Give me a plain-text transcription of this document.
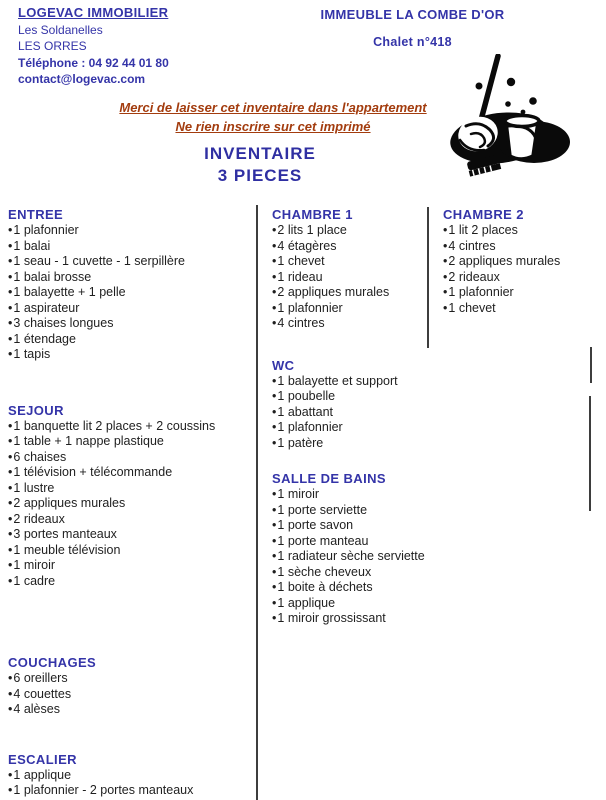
LOGEVAC IMMOBILIER
Les Soldanelles
LES ORRES
Téléphone : 04 92 44 01 80
contact@logevac.com
IMMEUBLE LA COMBE D'OR
Chalet n°418
Merci de laisser cet inventaire dans l'appartement
Ne rien inscrire sur cet imprimé
INVENTAIRE
3 PIECES
ENTREE
•1 plafonnier
•1 balai
•1 seau - 1 cuvette - 1 serpillère
•1 balai brosse
•1 balayette + 1 pelle
•1 aspirateur
•3 chaises longues
•1 étendage
•1 tapis
SEJOUR
•1 banquette lit 2 places + 2 coussins
•1 table + 1 nappe plastique
•6 chaises
•1 télévision + télécommande
•1 lustre
•2 appliques murales
•2 rideaux
•3 portes manteaux
•1 meuble télévision
•1 miroir
•1 cadre
COUCHAGES
•6 oreillers
•4 couettes
•4 alèses
ESCALIER
•1 applique
•1 plafonnier - 2 portes manteaux
CHAMBRE 1
•2 lits 1 place
•4 étagères
•1 chevet
•1 rideau
•2 appliques murales
•1 plafonnier
•4 cintres
WC
•1 balayette et support
•1 poubelle
•1 abattant
•1 plafonnier
•1 patère
SALLE DE BAINS
•1 miroir
•1 porte serviette
•1 porte savon
•1 porte manteau
•1 radiateur sèche serviette
•1 sèche cheveux
•1 boite à déchets
•1 applique
•1 miroir grossissant
CHAMBRE 2
•1 lit 2 places
•4 cintres
•2 appliques murales
•2 rideaux
•1 plafonnier
•1 chevet
